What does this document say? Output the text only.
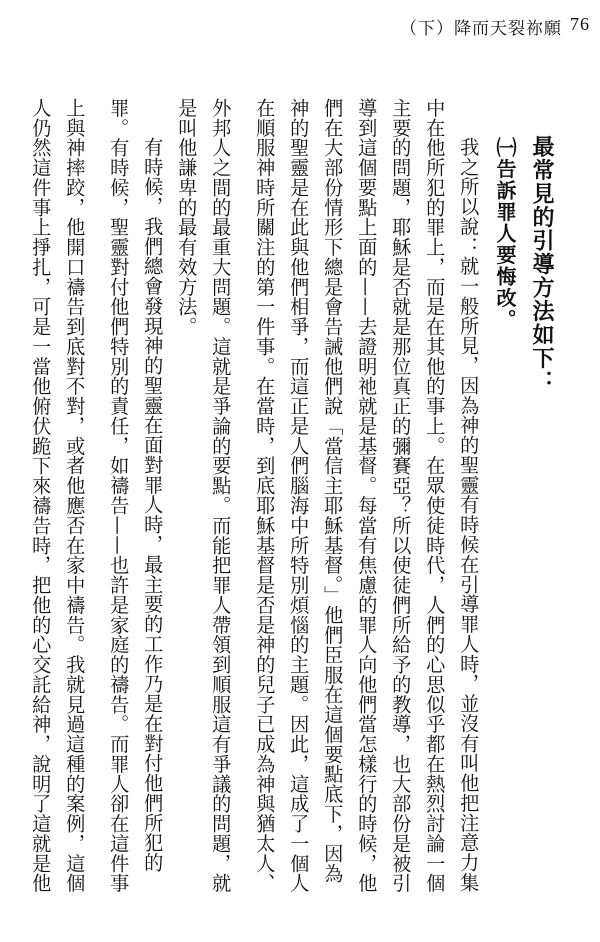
（下）降而天裂祢願 76
最常見的引導方法如下：
㈠告訴罪人要悔改。
我之所以說：就一般所見，因為神的聖靈有時候在引導罪人時，並沒有叫他把注意力集
中在他所犯的罪上，而是在其他的事上。在眾使徒時代，人們的心思似乎都在熱烈討論一個
主要的問題，耶穌是否就是那位真正的彌賽亞？所以使徒們所給予的教導，也大部份是被引
導到這個要點上面的——去證明祂就是基督。每當有焦慮的罪人向他們當怎樣行的時候，他
們在大部份情形下總是會告誡他們說「當信主耶穌基督。」他們臣服在這個要點底下，因為
神的聖靈是在此與他們相爭，而這正是人們腦海中所特別煩惱的主題。因此，這成了一個人
在順服神時所關注的第一件事。在當時，到底耶穌基督是否是神的兒子已成為神與猶太人、
外邦人之間的最重大問題。這就是爭論的要點。而能把罪人帶領到順服這有爭議的問題，就
是叫他謙卑的最有效方法。
有時候，我們總會發現神的聖靈在面對罪人時，最主要的工作乃是在對付他們所犯的
罪。有時候，聖靈對付他們特別的責任，如禱告——也許是家庭的禱告。而罪人卻在這件事
上與神摔跤，他開口禱告到底對不對，或者他應否在家中禱告。我就見過這種的案例，這個
人仍然這件事上掙扎，可是一當他俯伏跪下來禱告時，把他的心交託給神，說明了這就是他
